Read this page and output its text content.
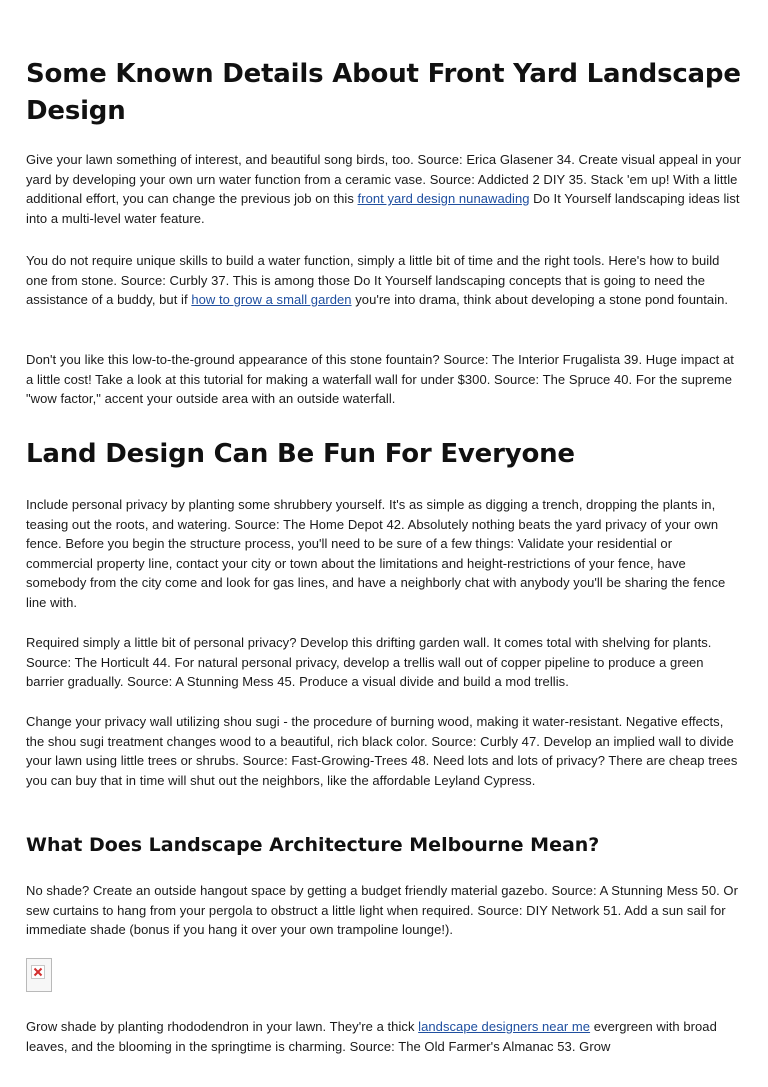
Some Known Details About Front Yard Landscape
Design

Give your lawn something of interest, and beautiful song birds, too. Source: Erica Glasener 34. Create visual appeal in your yard by developing your own urn water function from a ceramic vase. Source: Addicted 2 DIY 35. Stack 'em up! With a little additional effort, you can change the previous job on this front yard design nunawading Do It Yourself landscaping ideas list into a multi-level water feature.

You do not require unique skills to build a water function, simply a little bit of time and the right tools. Here's how to build one from stone. Source: Curbly 37. This is among those Do It Yourself landscaping concepts that is going to need the assistance of a buddy, but if how to grow a small garden you're into drama, think about developing a stone pond fountain.

Don't you like this low-to-the-ground appearance of this stone fountain? Source: The Interior Frugalista 39. Huge impact at a little cost! Take a look at this tutorial for making a waterfall wall for under $300. Source: The Spruce 40. For the supreme "wow factor," accent your outside area with an outside waterfall.

Land Design Can Be Fun For Everyone

Include personal privacy by planting some shrubbery yourself. It's as simple as digging a trench, dropping the plants in, teasing out the roots, and watering. Source: The Home Depot 42. Absolutely nothing beats the yard privacy of your own fence. Before you begin the structure process, you'll need to be sure of a few things: Validate your residential or commercial property line, contact your city or town about the limitations and height-restrictions of your fence, have somebody from the city come and look for gas lines, and have a neighborly chat with anybody you'll be sharing the fence line with.

Required simply a little bit of personal privacy? Develop this drifting garden wall. It comes total with shelving for plants. Source: The Horticult 44. For natural personal privacy, develop a trellis wall out of copper pipeline to produce a green barrier gradually. Source: A Stunning Mess 45. Produce a visual divide and build a mod trellis.

Change your privacy wall utilizing shou sugi - the procedure of burning wood, making it water-resistant. Negative effects, the shou sugi treatment changes wood to a beautiful, rich black color. Source: Curbly 47. Develop an implied wall to divide your lawn using little trees or shrubs. Source: Fast-Growing-Trees 48. Need lots and lots of privacy? There are cheap trees you can buy that in time will shut out the neighbors, like the affordable Leyland Cypress.

What Does Landscape Architecture Melbourne Mean?

No shade? Create an outside hangout space by getting a budget friendly material gazebo. Source: A Stunning Mess 50. Or sew curtains to hang from your pergola to obstruct a little light when required. Source: DIY Network 51. Add a sun sail for immediate shade (bonus if you hang it over your own trampoline lounge!).

Grow shade by planting rhododendron in your lawn. They're a thick landscape designers near me evergreen with broad leaves, and the blooming in the springtime is charming. Source: The Old Farmer's Almanac 53. Grow
